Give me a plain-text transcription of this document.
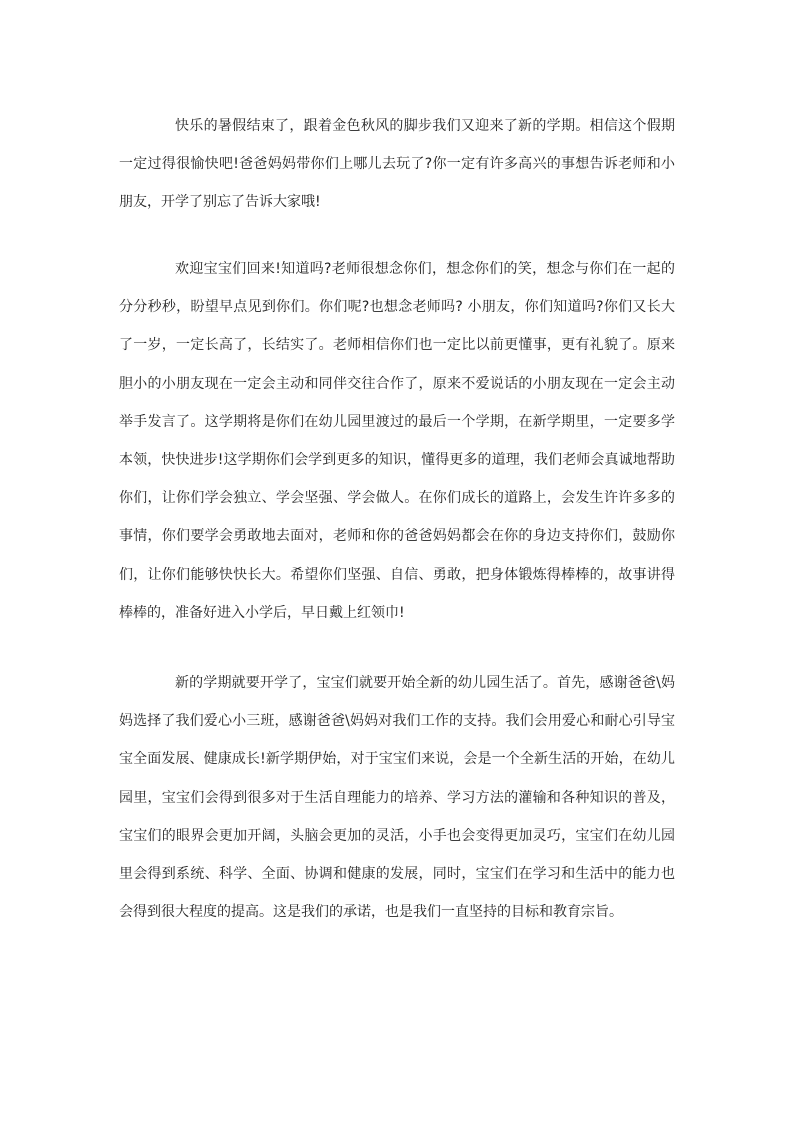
快乐的暑假结束了，跟着金色秋风的脚步我们又迎来了新的学期。相信这个假期一定过得很愉快吧!爸爸妈妈带你们上哪儿去玩了?你一定有许多高兴的事想告诉老师和小朋友，开学了别忘了告诉大家哦!

欢迎宝宝们回来!知道吗?老师很想念你们，想念你们的笑，想念与你们在一起的分分秒秒，盼望早点见到你们。你们呢?也想念老师吗? 小朋友，你们知道吗?你们又长大了一岁，一定长高了，长结实了。老师相信你们也一定比以前更懂事，更有礼貌了。原来胆小的小朋友现在一定会主动和同伴交往合作了，原来不爱说话的小朋友现在一定会主动举手发言了。这学期将是你们在幼儿园里渡过的最后一个学期，在新学期里，一定要多学本领，快快进步!这学期你们会学到更多的知识，懂得更多的道理，我们老师会真诚地帮助你们，让你们学会独立、学会坚强、学会做人。在你们成长的道路上，会发生许许多多的事情，你们要学会勇敢地去面对，老师和你的爸爸妈妈都会在你的身边支持你们，鼓励你们，让你们能够快快长大。希望你们坚强、自信、勇敢，把身体锻炼得棒棒的，故事讲得棒棒的，准备好进入小学后，早日戴上红领巾!

新的学期就要开学了，宝宝们就要开始全新的幼儿园生活了。首先，感谢爸爸\妈妈选择了我们爱心小三班，感谢爸爸\妈妈对我们工作的支持。我们会用爱心和耐心引导宝宝全面发展、健康成长!新学期伊始，对于宝宝们来说，会是一个全新生活的开始，在幼儿园里，宝宝们会得到很多对于生活自理能力的培养、学习方法的灌输和各种知识的普及，宝宝们的眼界会更加开阔，头脑会更加的灵活，小手也会变得更加灵巧，宝宝们在幼儿园里会得到系统、科学、全面、协调和健康的发展，同时，宝宝们在学习和生活中的能力也会得到很大程度的提高。这是我们的承诺，也是我们一直坚持的目标和教育宗旨。
